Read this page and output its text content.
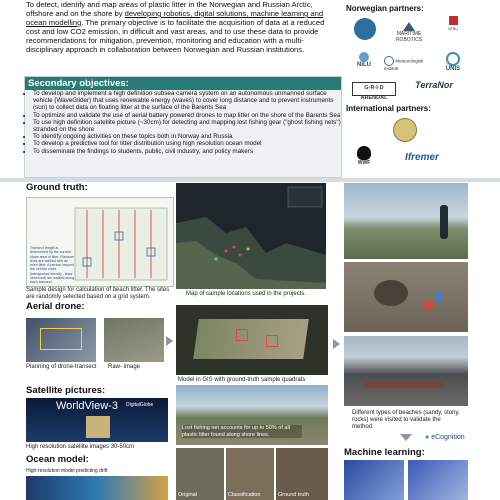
To detect, identify and map areas of plastic litter in the Norwegian and Russian Arctic, offshore and on the shore by developing robotics, digital solutions, machine learning and ocean modelling. The primary objective is to facilitate the acquisition of data at a reduced cost and low CO2 emission, in difficult and vast areas, and to use these data to provide recommendations for mitigation, prevention, monitoring and education with a multi-disciplinary approach in collaboration between Norwegian and Russian institutions.
Secondary objectives:
• To develop and implement a high definition subsea camera system on an autonomous unmanned surface vehicle (WaveGlider) that uses renewable energy (waves) to cover long distance and to prevent instruments (sun) to collect data on floating litter at the surface of the Barents Sea
• To optimize and validate the use of aerial battery powered drones to map litter on the shore of the Barents Sea
• To use high definition satellite picture (~30cm) for detecting and mapping lost fishing gear ("ghost fishing nets") stranded on the shore
• To identify ongoing activities on these topics both in Norway and Russia
• To develop a predictive tool for litter distribution using high resolution ocean model
• To disseminate the findings to students, public, civil industry, and policy makers
Norwegian partners:
MARITIME ROBOTICS
NTNU
NILU
Meteorologisk institutt	UNIS
G·R·I·D ARENDAL
TerraNor
International partners:
WWF	Ifremer
Ground truth:
Transect length is determined by the current slope area of litter. Random lines are walked with an even litter. A person beyond the vehicle route (transported density - lines observed) are walked along each transect.
Sample design for calculation of beach litter. The sites are randomly selected based on a grid system.	Map of sample locations used in the projects.
Different types of beaches (sandy, stony, rocks) were visited to validate the method.
Aerial drone:
Planning of drone-transect	Raw- image
Model in GIS with ground-truth sample quadrats
Satellite pictures:
WorldView-3 DigitalGlobe
High resolution satellite images 30-50cm
Lost fishing net accounts for up to 50% of all plastic litter found along shore lines.
Original	Classification	Ground truth
Ocean model:
High-resolution model predicting drift
Machine learning:
● eCognition
